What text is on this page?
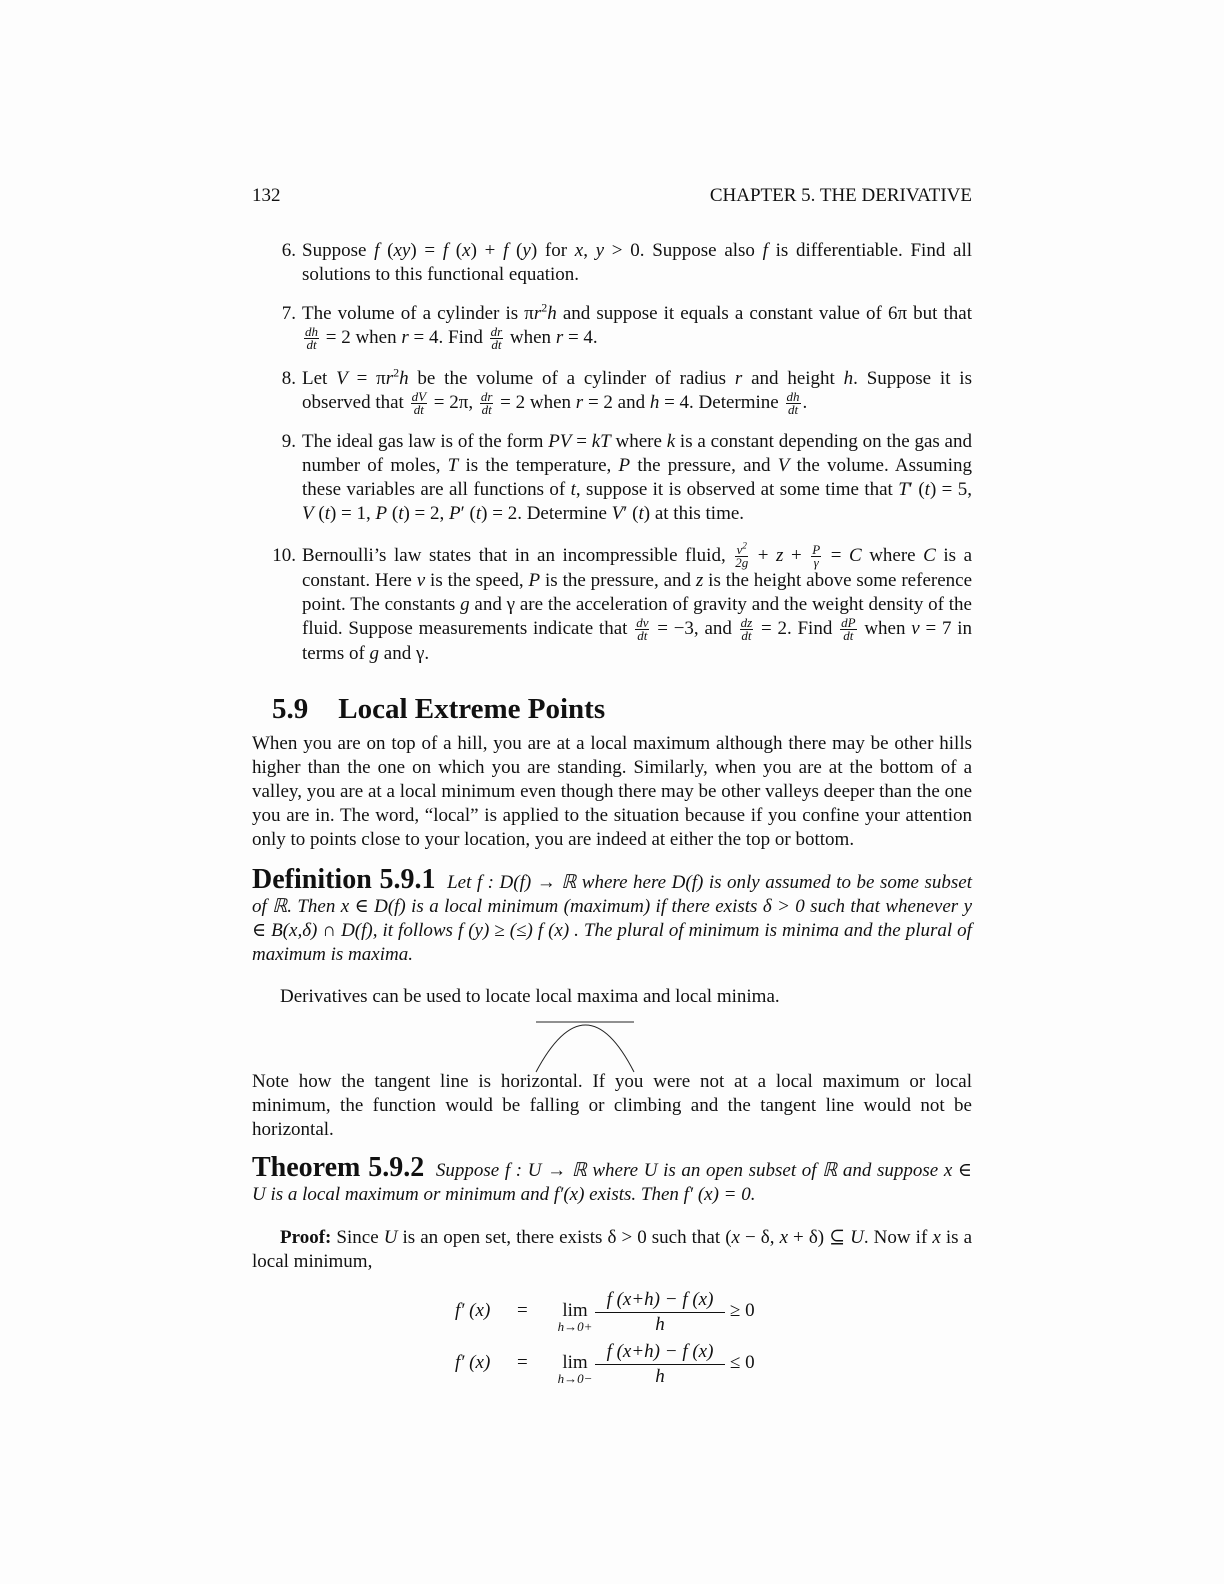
132	CHAPTER 5. THE DERIVATIVE
6. Suppose f (xy) = f (x) + f (y) for x, y > 0. Suppose also f is differentiable. Find all solutions to this functional equation.
7. The volume of a cylinder is $\pi r^2h$ and suppose it equals a constant value of 6π but that
$\frac{dh}{dt} = 2$ when r = 4. Find $\frac{dr}{dt}$ when r = 4.
8. Let $V = \pi r^2h$ be the volume of a cylinder of radius r and height h. Suppose it is observed that $\frac{dV}{dt} = 2\pi$, $\frac{dr}{dt} = 2$ when r = 2 and h = 4. Determine $\frac{dh}{dt}$ .
9. The ideal gas law is of the form PV = kT where k is a constant depending on the gas and number of moles, T is the temperature, P the pressure, and V the volume. Assuming these variables are all functions of t, suppose it is observed at some time that T′ (t) = 5, V (t) = 1, P (t) = 2, P′ (t) = 2. Determine V′ (t) at this time.
10. Bernoulli’s law states that in an incompressible fluid, $\frac{v^2}{2g} + z + \frac{P}{\gamma} = C$ where C is a constant. Here v is the speed, P is the pressure, and z is the height above some reference point. The constants g and γ are the acceleration of gravity and the weight density of the fluid. Suppose measurements indicate that $\frac{dv}{dt} = -3$, and $\frac{dz}{dt} = 2$. Find $\frac{dP}{dt}$ when v = 7 in terms of g and γ.
5.9 Local Extreme Points
When you are on top of a hill, you are at a local maximum although there may be other hills higher than the one on which you are standing. Similarly, when you are at the bottom of a valley, you are at a local minimum even though there may be other valleys deeper than the one you are in. The word, “local” is applied to the situation because if you confine your attention only to points close to your location, you are indeed at either the top or bottom.
Definition 5.9.1 Let f : D(f) → ℝ where here D(f) is only assumed to be some subset of ℝ. Then x ∈ D(f) is a local minimum (maximum) if there exists δ > 0 such that whenever y ∈ B(x,δ) ∩ D(f), it follows f (y) ≥ (≤) f (x) . The plural of minimum is minima and the plural of maximum is maxima.
Derivatives can be used to locate local maxima and local minima.
Note how the tangent line is horizontal. If you were not at a local maximum or local minimum, the function would be falling or climbing and the tangent line would not be horizontal.
Theorem 5.9.2 Suppose f : U → ℝ where U is an open subset of ℝ and suppose x ∈ U is a local maximum or minimum and f′(x) exists. Then f′ (x) = 0.
Proof: Since U is an open set, there exists δ > 0 such that (x − δ, x + δ) ⊆ U. Now if x is a local minimum,
f′ (x) =	lim
$h\to 0+ \frac{f (x+h) - f (x)}{h} \ge 0$
f′ (x) =	lim
$h\to 0- \frac{f (x+h) - f (x)}{h} \le 0$
